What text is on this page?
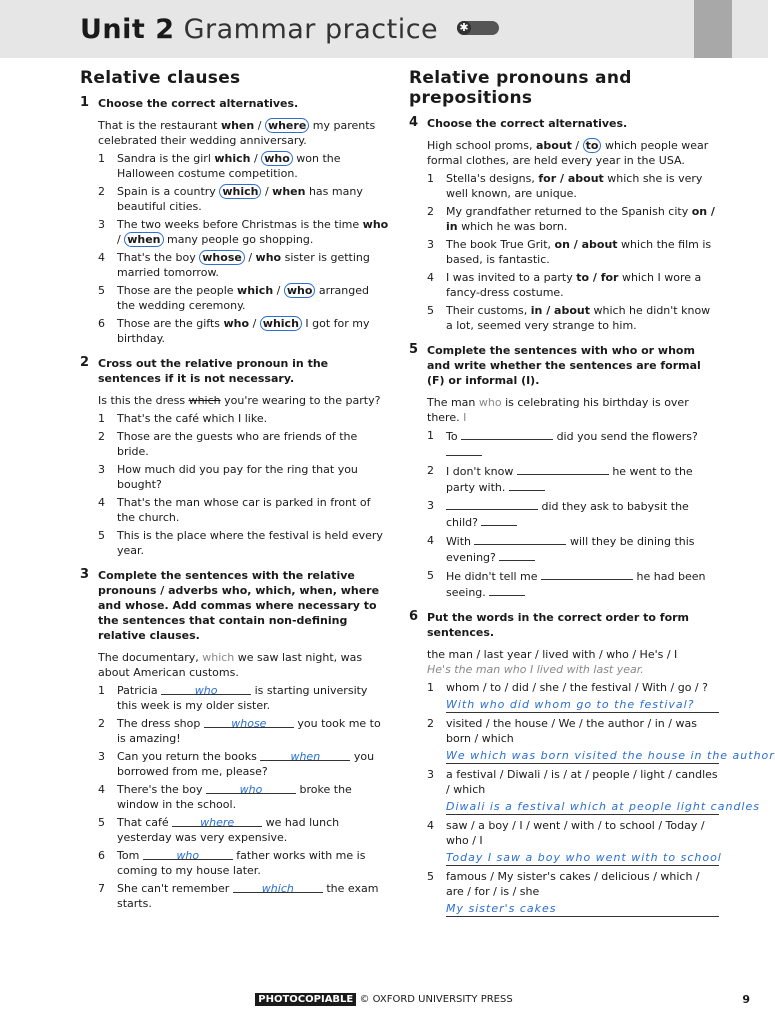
Unit 2 Grammar practice ✱
Relative clauses
1 Choose the correct alternatives.
That is the restaurant when / where my parents celebrated their wedding anniversary.
1 Sandra is the girl which / who won the Halloween costume competition.
2 Spain is a country which / when has many beautiful cities.
3 The two weeks before Christmas is the time who / when many people go shopping.
4 That's the boy whose / who sister is getting married tomorrow.
5 Those are the people which / who arranged the wedding ceremony.
6 Those are the gifts who / which I got for my birthday.
2 Cross out the relative pronoun in the sentences if it is not necessary.
Is this the dress which you're wearing to the party?
1 That's the café which I like.
2 Those are the guests who are friends of the bride.
3 How much did you pay for the ring that you bought?
4 That's the man whose car is parked in front of the church.
5 This is the place where the festival is held every year.
3 Complete the sentences with the relative pronouns / adverbs who, which, when, where and whose. Add commas where necessary to the sentences that contain non-defining relative clauses.
The documentary, which we saw last night, was about American customs.
1 Patricia	who	is starting university this week is my older sister.
2 The dress shop whose you took me to is amazing!
3 Can you return the books	when	you borrowed from me, please?
4 There's the boy	who	broke the window in the school.
5 That café	where	we had lunch yesterday was very expensive.
6 Tom	who	father works with me is coming to my house later.
7 She can't remember	which	the exam starts.
Relative pronouns and prepositions
4 Choose the correct alternatives.
High school proms, about / to which people wear formal clothes, are held every year in the USA.
1 Stella's designs, for / about which she is very well known, are unique.
2 My grandfather returned to the Spanish city on / in which he was born.
3 The book True Grit, on / about which the film is based, is fantastic.
4 I was invited to a party to / for which I wore a fancy-dress costume.
5 Their customs, in / about which he didn't know a lot, seemed very strange to him.
5 Complete the sentences with who or whom and write whether the sentences are formal (F) or informal (I).
The man who is celebrating his birthday is over there. I
1 To	did you send the flowers?
2 I don't know	he went to the party with.
3	did they ask to babysit the child?
4 With	will they be dining this evening?
5 He didn't tell me	he had been seeing.
6 Put the words in the correct order to form sentences.
the man / last year / lived with / who / He's / I
He's the man who I lived with last year.
1 whom / to / did / she / the festival / With / go / ?
With who did whom go to the festival?
2 visited / the house / We / the author / in / was born / which
We which was born visited the house in the author
3 a festival / Diwali / is / at / people / light / candles / which
Diwali is a festival which at people light candles
4 saw / a boy / I / went / with / to school / Today / who / I
Today I saw a boy who went with to school
5 famous / My sister's cakes / delicious / which / are / for / is / she
My sister's cakes
PHOTOCOPIABLE © OXFORD UNIVERSITY PRESS	9
